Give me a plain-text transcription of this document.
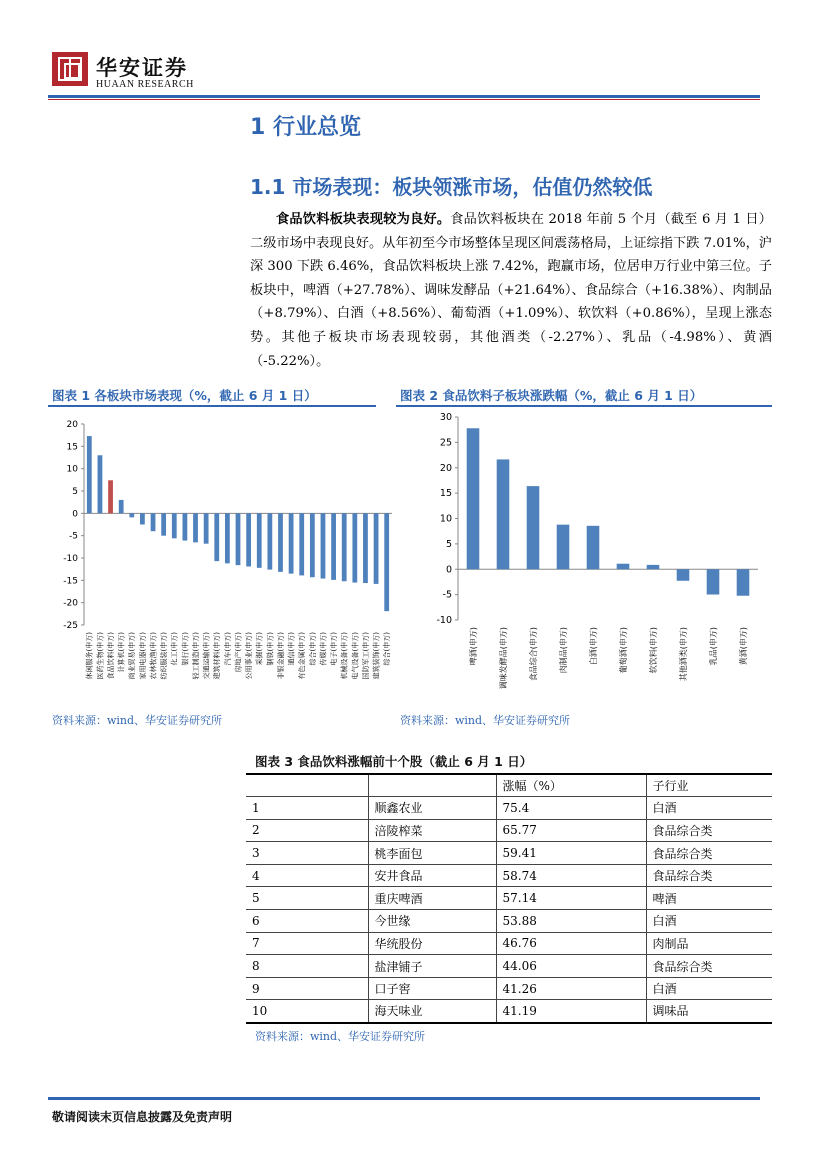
华安证券
HUAAN RESEARCH
1 行业总览
1.1 市场表现：板块领涨市场，估值仍然较低
食品饮料板块表现较为良好。食品饮料板块在 2018 年前 5 个月（截至 6 月 1 日）二级市场中表现良好。从年初至今市场整体呈现区间震荡格局，上证综指下跌 7.01%，沪深 300 下跌 6.46%，食品饮料板块上涨 7.42%，跑赢市场，位居申万行业中第三位。子板块中，啤酒（+27.78%）、调味发酵品（+21.64%）、食品综合（+16.38%）、肉制品（+8.79%）、白酒（+8.56%）、葡萄酒（+1.09%）、软饮料（+0.86%），呈现上涨态势。其他子板块市场表现较弱，其他酒类（-2.27%）、乳品（-4.98%）、黄酒（-5.22%）。
图表 1 各板块市场表现（%，截止 6 月 1 日）
20
15
10
5
0
-5
-10
-15
-20
-25
休闲服务(申万) 医药生物(申万) 食品饮料(申万) 计算机(申万) 商业贸易(申万) 家用电器(申万) 农林牧渔(申万) 纺织服装(申万) 化工(申万) 银行(申万) 轻工制造(申万) 交通运输(申万) 建筑材料(申万) 汽车(申万) 房地产(申万) 公用事业(申万) 采掘(申万) 钢铁(申万) 非银金融(申万) 通信(申万) 有色金属(申万) 综合(申万) 传媒(申万) 电子(申万) 机械设备(申万) 电气设备(申万) 国防军工(申万) 建筑装饰(申万) 综合(申万)
资料来源：wind、华安证券研究所
图表 2 食品饮料子板块涨跌幅（%，截止 6 月 1 日）
30
25
20
15
10
5
0
-5
-10
啤酒(申万)	调味发酵品(申万)	食品综合(申万)	肉制品(申万)	白酒(申万)	葡萄酒(申万)	软饮料(申万)	其他酒类(申万)	乳品(申万)	黄酒(申万)
资料来源：wind、华安证券研究所
图表 3 食品饮料涨幅前十个股（截止 6 月 1 日）
		涨幅（%）	子行业
1	顺鑫农业	75.4	白酒
2	涪陵榨菜	65.77	食品综合类
3	桃李面包	59.41	食品综合类
4	安井食品	58.74	食品综合类
5	重庆啤酒	57.14	啤酒
6	今世缘	53.88	白酒
7	华统股份	46.76	肉制品
8	盐津铺子	44.06	食品综合类
9	口子窖	41.26	白酒
10	海天味业	41.19	调味品
资料来源：wind、华安证券研究所
敬请阅读末页信息披露及免责声明
